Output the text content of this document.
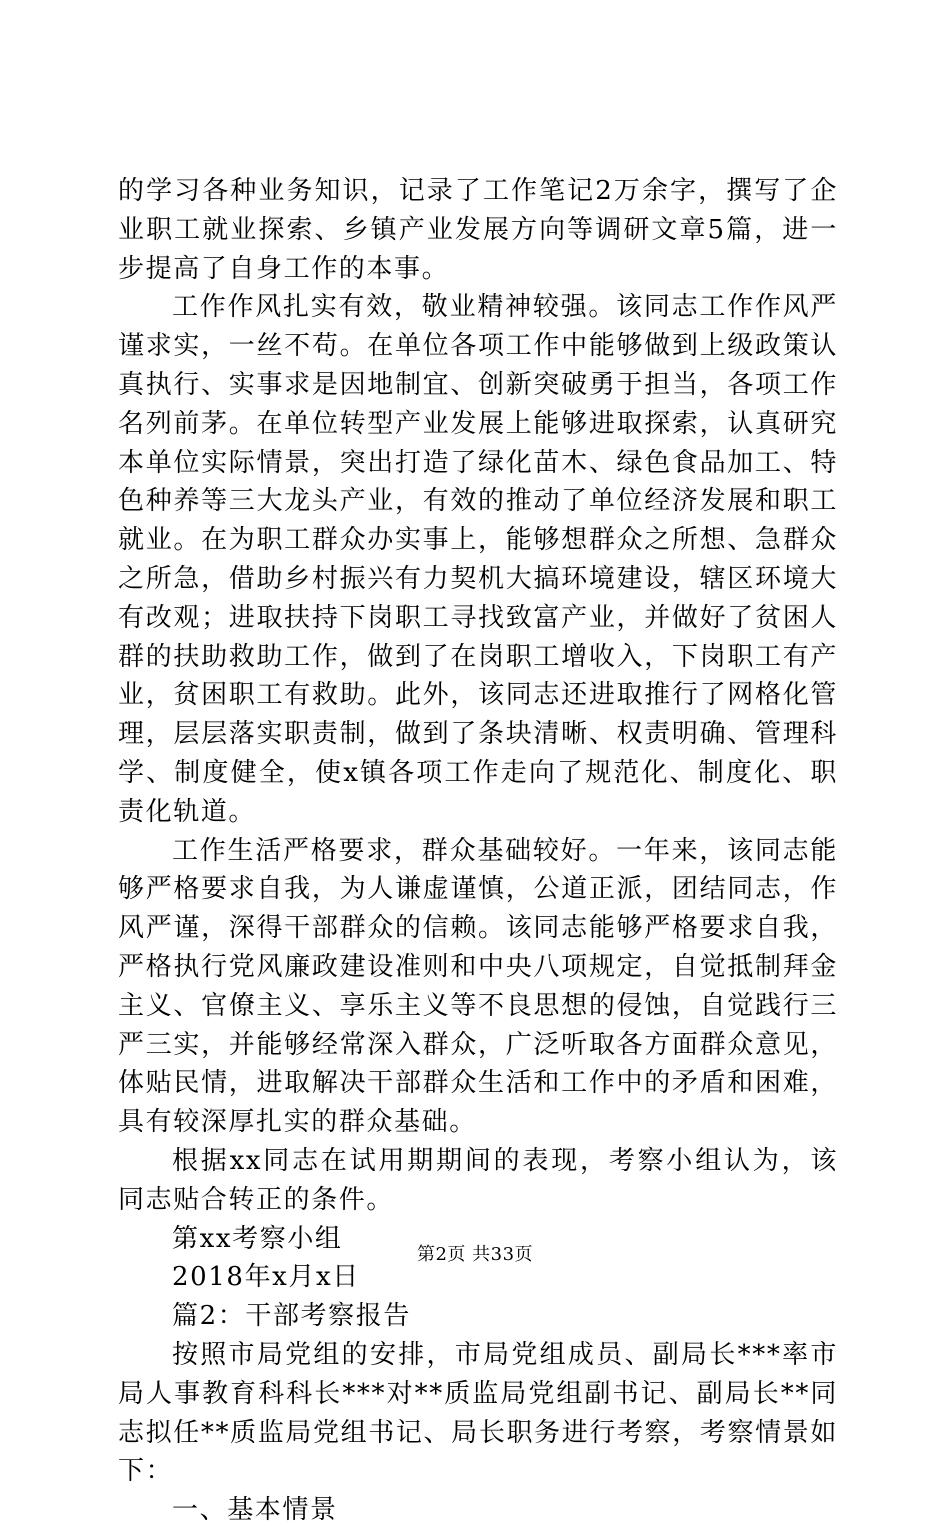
的学习各种业务知识，记录了工作笔记2万余字，撰写了企业职工就业探索、乡镇产业发展方向等调研文章5篇，进一步提高了自身工作的本事。

工作作风扎实有效，敬业精神较强。该同志工作作风严谨求实，一丝不苟。在单位各项工作中能够做到上级政策认真执行、实事求是因地制宜、创新突破勇于担当，各项工作名列前茅。在单位转型产业发展上能够进取探索，认真研究本单位实际情景，突出打造了绿化苗木、绿色食品加工、特色种养等三大龙头产业，有效的推动了单位经济发展和职工就业。在为职工群众办实事上，能够想群众之所想、急群众之所急，借助乡村振兴有力契机大搞环境建设，辖区环境大有改观；进取扶持下岗职工寻找致富产业，并做好了贫困人群的扶助救助工作，做到了在岗职工增收入，下岗职工有产业，贫困职工有救助。此外，该同志还进取推行了网格化管理，层层落实职责制，做到了条块清晰、权责明确、管理科学、制度健全，使x镇各项工作走向了规范化、制度化、职责化轨道。

工作生活严格要求，群众基础较好。一年来，该同志能够严格要求自我，为人谦虚谨慎，公道正派，团结同志，作风严谨，深得干部群众的信赖。该同志能够严格要求自我，严格执行党风廉政建设准则和中央八项规定，自觉抵制拜金主义、官僚主义、享乐主义等不良思想的侵蚀，自觉践行三严三实，并能够经常深入群众，广泛听取各方面群众意见，体贴民情，进取解决干部群众生活和工作中的矛盾和困难，具有较深厚扎实的群众基础。

根据xx同志在试用期期间的表现，考察小组认为，该同志贴合转正的条件。

第xx考察小组

2018年x月x日

篇2：干部考察报告

按照市局党组的安排，市局党组成员、副局长***率市局人事教育科科长***对**质监局党组副书记、副局长**同志拟任**质监局党组书记、局长职务进行考察，考察情景如下：

一、基本情景

第2页 共33页
